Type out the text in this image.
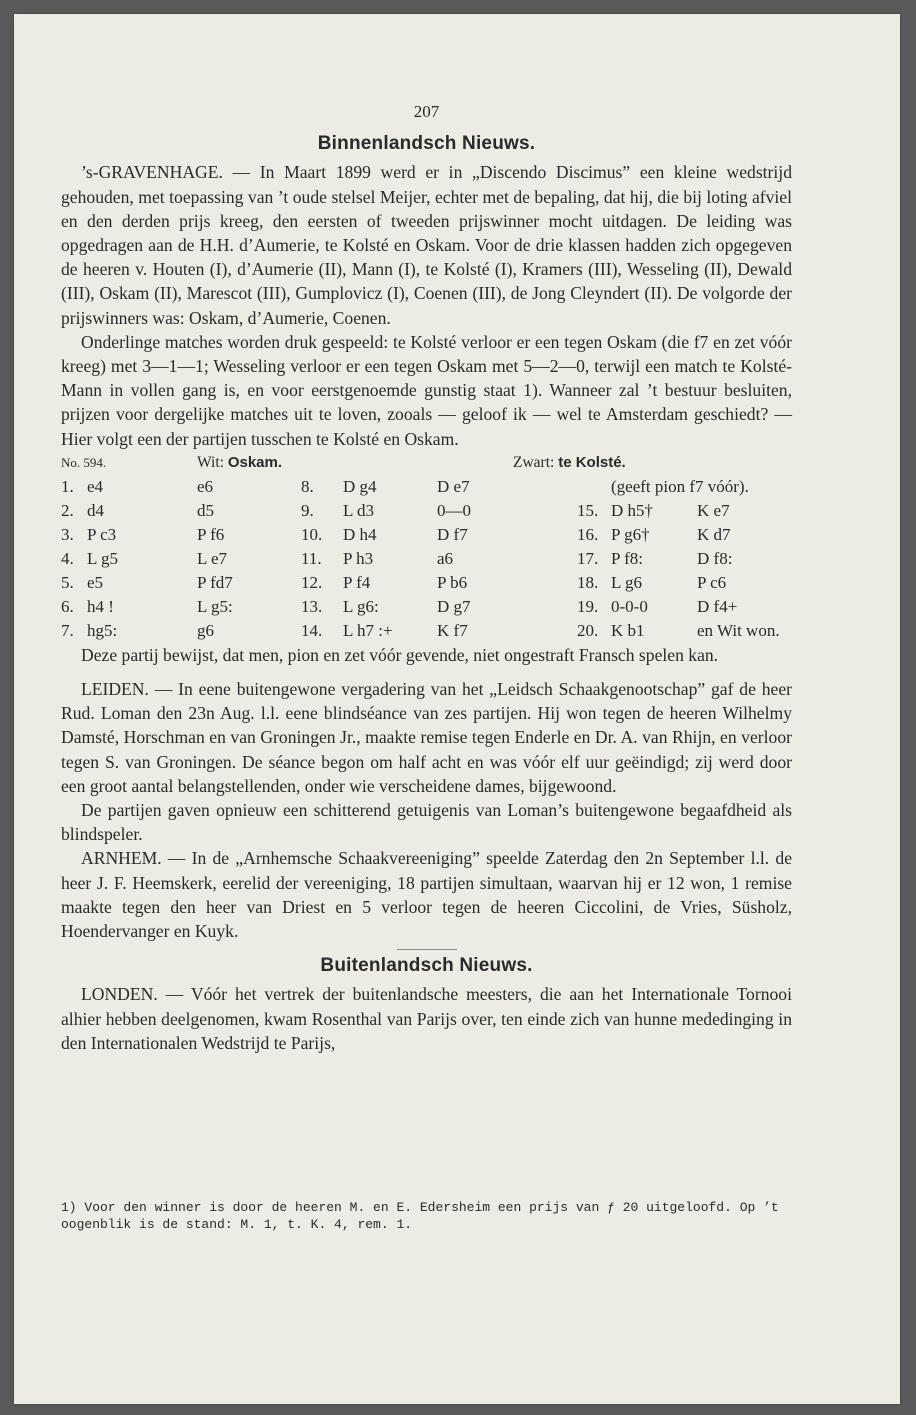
207
Binnenlandsch Nieuws.

’s-GRAVENHAGE. — In Maart 1899 werd er in „Discendo Discimus” een kleine wedstrijd gehouden, met toepassing van ’t oude stelsel Meijer, echter met de bepaling, dat hij, die bij loting afviel en den derden prijs kreeg, den eersten of tweeden prijswinner mocht uitdagen. De leiding was opgedragen aan de H.H. d’Aumerie, te Kolsté en Oskam. Voor de drie klassen hadden zich opgegeven de heeren v. Houten (I), d’Aumerie (II), Mann (I), te Kolsté (I), Kramers (III), Wesseling (II), Dewald (III), Oskam (II), Marescot (III), Gumplovicz (I), Coenen (III), de Jong Cleyndert (II). De volgorde der prijswinners was: Oskam, d’Aumerie, Coenen.

Onderlinge matches worden druk gespeeld: te Kolsté verloor er een tegen Oskam (die f7 en zet vóór kreeg) met 3—1—1; Wesseling verloor er een tegen Oskam met 5—2—0, terwijl een match te Kolsté-Mann in vollen gang is, en voor eerstgenoemde gunstig staat 1). Wanneer zal ’t bestuur besluiten, prijzen voor dergelijke matches uit te loven, zooals — geloof ik — wel te Amsterdam geschiedt? — Hier volgt een der partijen tusschen te Kolsté en Oskam.

No. 594.	Wit: Oskam.	Zwart: te Kolsté.
(geeft pion f7 vóór).
1. e4	e6
2. d4	d5
3. P c3	P f6
4. L g5	L e7
5. e5	P fd7
6. h4 !	L g5:
7. hg5:	g6
8. D g4	D e7
9. L d3	0—0
10. D h4	D f7
11. P h3	a6
12. P f4	P b6
13. L g6:	D g7
14. L h7 :+	K f7
15. D h5†	K e7
16. P g6†	K d7
17. P f8:	D f8:
18. L g6	P c6
19. 0-0-0	D f4+
20. K b1	en Wit won.

Deze partij bewijst, dat men, pion en zet vóór gevende, niet ongestraft Fransch spelen kan.

LEIDEN. — In eene buitengewone vergadering van het „Leidsch Schaakgenootschap” gaf de heer Rud. Loman den 23n Aug. l.l. eene blindséance van zes partijen. Hij won tegen de heeren Wilhelmy Damsté, Horschman en van Groningen Jr., maakte remise tegen Enderle en Dr. A. van Rhijn, en verloor tegen S. van Groningen. De séance begon om half acht en was vóór elf uur geëindigd; zij werd door een groot aantal belangstellenden, onder wie verscheidene dames, bijgewoond.

De partijen gaven opnieuw een schitterend getuigenis van Loman’s buitengewone begaafdheid als blindspeler.

ARNHEM. — In de „Arnhemsche Schaakvereeniging” speelde Zaterdag den 2n September l.l. de heer J. F. Heemskerk, eerelid der vereeniging, 18 partijen simultaan, waarvan hij er 12 won, 1 remise maakte tegen den heer van Driest en 5 verloor tegen de heeren Ciccolini, de Vries, Süsholz, Hoendervanger en Kuyk.

Buitenlandsch Nieuws.

LONDEN. — Vóór het vertrek der buitenlandsche meesters, die aan het Internationale Tornooi alhier hebben deelgenomen, kwam Rosenthal van Parijs over, ten einde zich van hunne mededinging in den Internationalen Wedstrijd te Parijs,

1) Voor den winner is door de heeren M. en E. Edersheim een prijs van ƒ 20 uitgeloofd. Op ’t oogenblik is de stand: M. 1, t. K. 4, rem. 1.
